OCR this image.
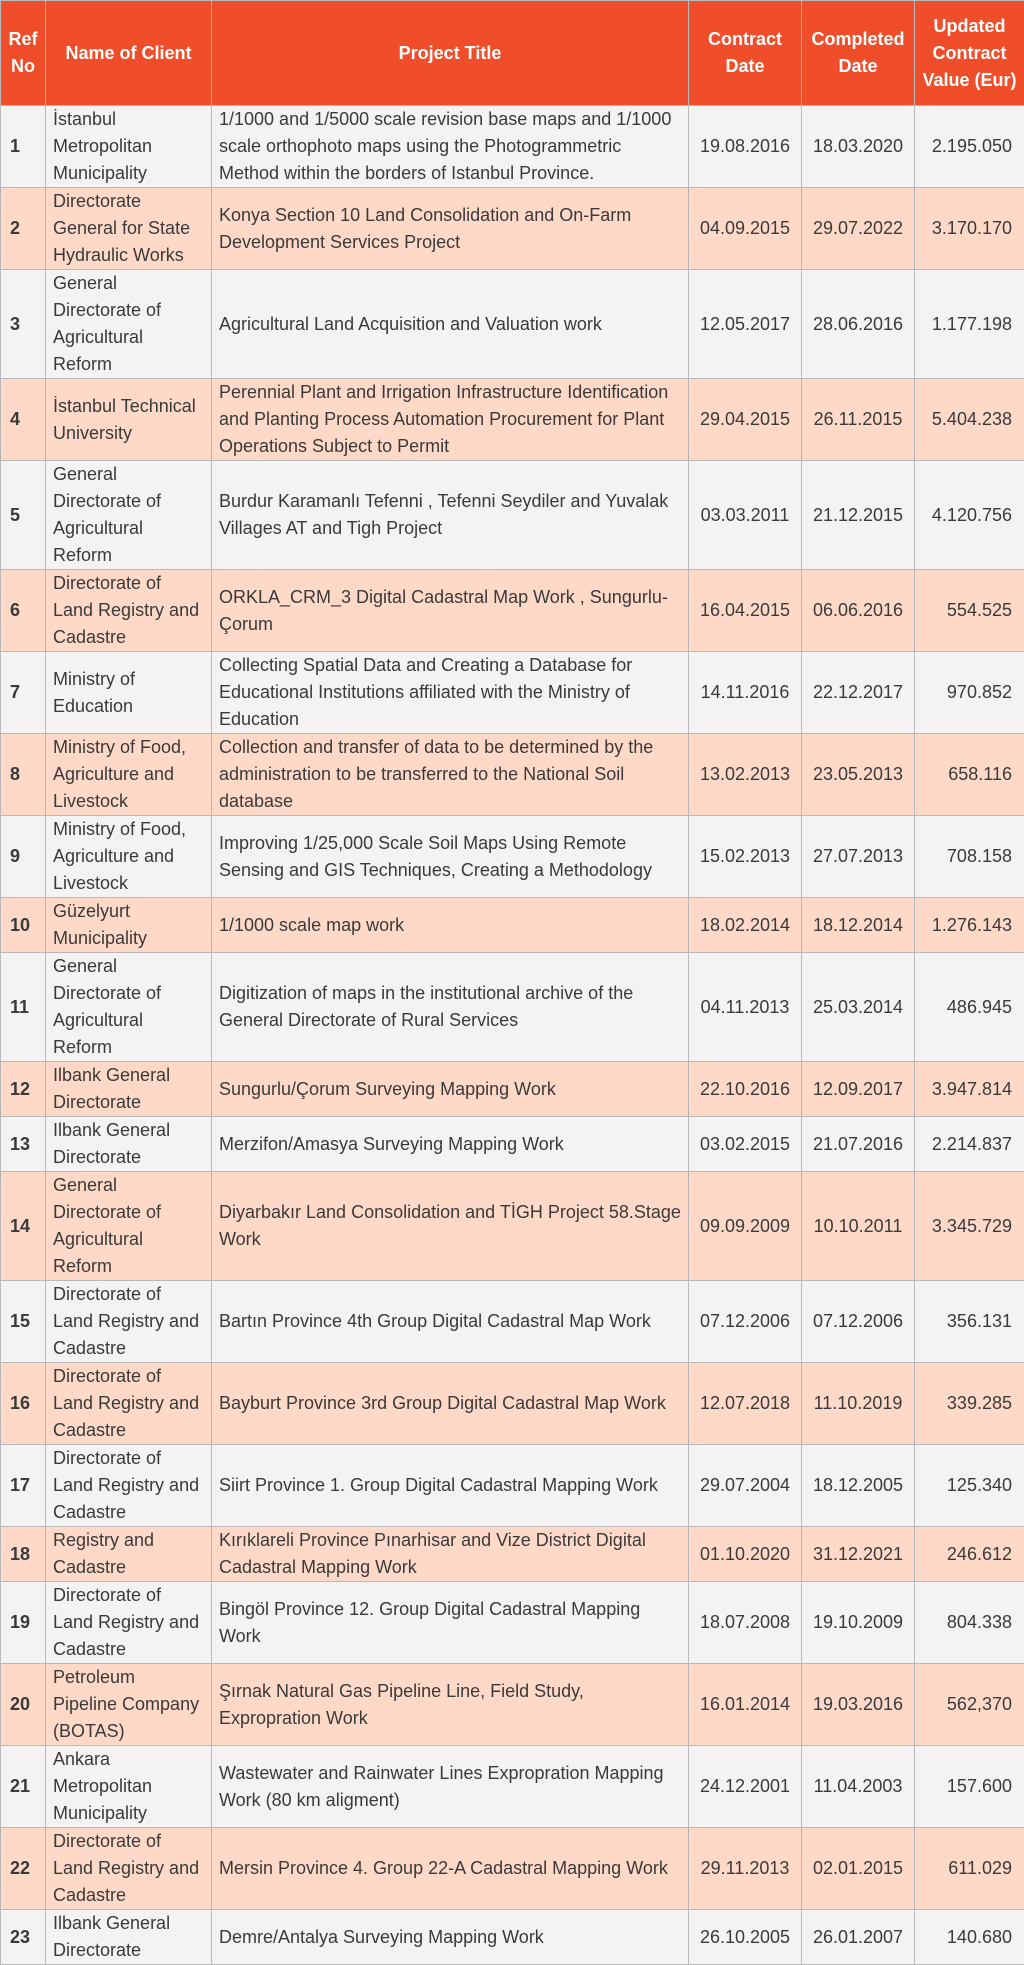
Ref No	Name of Client	Project Title	Contract Date	Completed Date	Updated Contract Value (Eur)
1	İstanbul Metropolitan Municipality	1/1000 and 1/5000 scale revision base maps and 1/1000 scale orthophoto maps using the Photogrammetric Method within the borders of Istanbul Province.	19.08.2016	18.03.2020	2.195.050
2	Directorate General for State Hydraulic Works	Konya Section 10 Land Consolidation and On-Farm Development Services Project	04.09.2015	29.07.2022	3.170.170
3	General Directorate of Agricultural Reform	Agricultural Land Acquisition and Valuation work	12.05.2017	28.06.2016	1.177.198
4	İstanbul Technical University	Perennial Plant and Irrigation Infrastructure Identification and Planting Process Automation Procurement for Plant Operations Subject to Permit	29.04.2015	26.11.2015	5.404.238
5	General Directorate of Agricultural Reform	Burdur Karamanlı Tefenni , Tefenni Seydiler and Yuvalak Villages AT and Tigh Project	03.03.2011	21.12.2015	4.120.756
6	Directorate of Land Registry and Cadastre	ORKLA_CRM_3 Digital Cadastral Map Work , Sungurlu-Çorum	16.04.2015	06.06.2016	554.525
7	Ministry of Education	Collecting Spatial Data and Creating a Database for Educational Institutions affiliated with the Ministry of Education	14.11.2016	22.12.2017	970.852
8	Ministry of Food, Agriculture and Livestock	Collection and transfer of data to be determined by the administration to be transferred to the National Soil database	13.02.2013	23.05.2013	658.116
9	Ministry of Food, Agriculture and Livestock	Improving 1/25,000 Scale Soil Maps Using Remote Sensing and GIS Techniques, Creating a Methodology	15.02.2013	27.07.2013	708.158
10	Güzelyurt Municipality	1/1000 scale map work	18.02.2014	18.12.2014	1.276.143
11	General Directorate of Agricultural Reform	Digitization of maps in the institutional archive of the General Directorate of Rural Services	04.11.2013	25.03.2014	486.945
12	Ilbank General Directorate	Sungurlu/Çorum Surveying Mapping Work	22.10.2016	12.09.2017	3.947.814
13	Ilbank General Directorate	Merzifon/Amasya Surveying Mapping Work	03.02.2015	21.07.2016	2.214.837
14	General Directorate of Agricultural Reform	Diyarbakır Land Consolidation and TİGH Project 58.Stage Work	09.09.2009	10.10.2011	3.345.729
15	Directorate of Land Registry and Cadastre	Bartın Province 4th Group Digital Cadastral Map Work	07.12.2006	07.12.2006	356.131
16	Directorate of Land Registry and Cadastre	Bayburt Province 3rd Group Digital Cadastral Map Work	12.07.2018	11.10.2019	339.285
17	Directorate of Land Registry and Cadastre	Siirt Province 1. Group Digital Cadastral Mapping Work	29.07.2004	18.12.2005	125.340
18	Registry and Cadastre	Kırıklareli Province Pınarhisar and Vize District Digital Cadastral Mapping Work	01.10.2020	31.12.2021	246.612
19	Directorate of Land Registry and Cadastre	Bingöl Province 12. Group Digital Cadastral Mapping Work	18.07.2008	19.10.2009	804.338
20	Petroleum Pipeline Company (BOTAS)	Şırnak Natural Gas Pipeline Line, Field Study, Expropration Work	16.01.2014	19.03.2016	562,370
21	Ankara Metropolitan Municipality	Wastewater and Rainwater Lines Expropration Mapping Work (80 km aligment)	24.12.2001	11.04.2003	157.600
22	Directorate of Land Registry and Cadastre	Mersin Province 4. Group 22-A Cadastral Mapping Work	29.11.2013	02.01.2015	611.029
23	Ilbank General Directorate	Demre/Antalya Surveying Mapping Work	26.10.2005	26.01.2007	140.680
